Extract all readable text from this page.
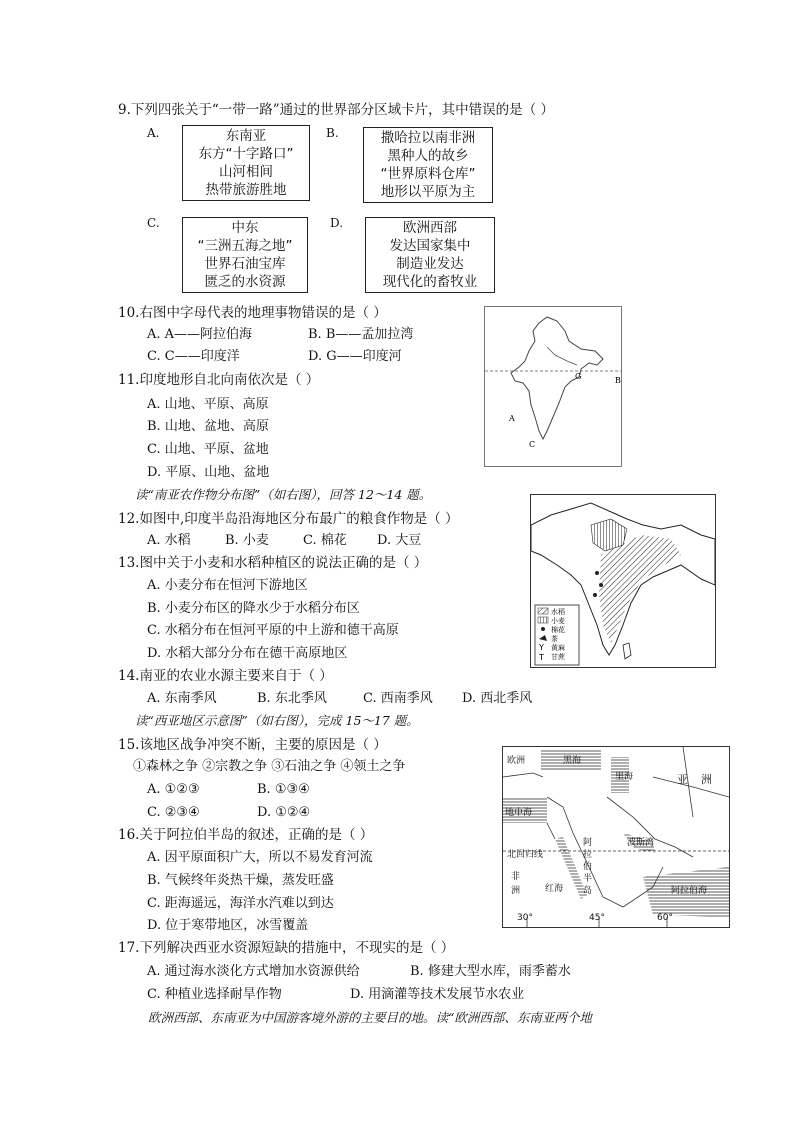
9.下列四张关于“一带一路”通过的世界部分区域卡片，其中错误的是（ ）
A.	东南亚
东方“十字路口”
山河相间
热带旅游胜地
B.	撒哈拉以南非洲
黑种人的故乡
“世界原料仓库”
地形以平原为主
C.	中东
“三洲五海之地”
世界石油宝库
匮乏的水资源
D.	欧洲西部
发达国家集中
制造业发达
现代化的畜牧业
10.右图中字母代表的地理事物错误的是（ ）
A. A——阿拉伯海	B. B——孟加拉湾
C. C——印度洋	D. G——印度河
G	B
A
C
11.印度地形自北向南依次是（ ）
A. 山地、平原、高原
B. 山地、盆地、高原
C. 山地、平原、盆地
D. 平原、山地、盆地
读“南亚农作物分布图”（如右图），回答 12～14 题。
水稻
小麦
棉花
茶
Y 黄麻
T 甘蔗
12.如图中,印度半岛沿海地区分布最广的粮食作物是（ ）
A. 水稻	B. 小麦	C. 棉花 D. 大豆
13.图中关于小麦和水稻种植区的说法正确的是（ ）
A. 小麦分布在恒河下游地区
B. 小麦分布区的降水少于水稻分布区
C. 水稻分布在恒河平原的中上游和德干高原
D. 水稻大部分分布在德干高原地区
14.南亚的农业水源主要来自于（ ）
A. 东南季风	B. 东北季风	C. 西南季风 D. 西北季风
读“西亚地区示意图”（如右图），完成 15～17 题。
欧洲	黑海
里海	亚 洲
地中海
北回归线
阿
拉
伯
半
岛
波斯湾
非
洲	红海	阿拉伯海
30°	45°	60°
15.该地区战争冲突不断，主要的原因是（ ）
①森林之争 ②宗教之争 ③石油之争 ④领土之争
A. ①②③	B. ①③④
C. ②③④	D. ①②④
16.关于阿拉伯半岛的叙述，正确的是（ ）
A. 因平原面积广大，所以不易发育河流
B. 气候终年炎热干燥，蒸发旺盛
C. 距海遥远，海洋水汽难以到达
D. 位于寒带地区，冰雪覆盖
17.下列解决西亚水资源短缺的措施中，不现实的是（ ）
A. 通过海水淡化方式增加水资源供给	B. 修建大型水库，雨季蓄水
C. 种植业选择耐旱作物	D. 用滴灌等技术发展节水农业
欧洲西部、东南亚为中国游客境外游的主要目的地。读“欧洲西部、东南亚两个地
